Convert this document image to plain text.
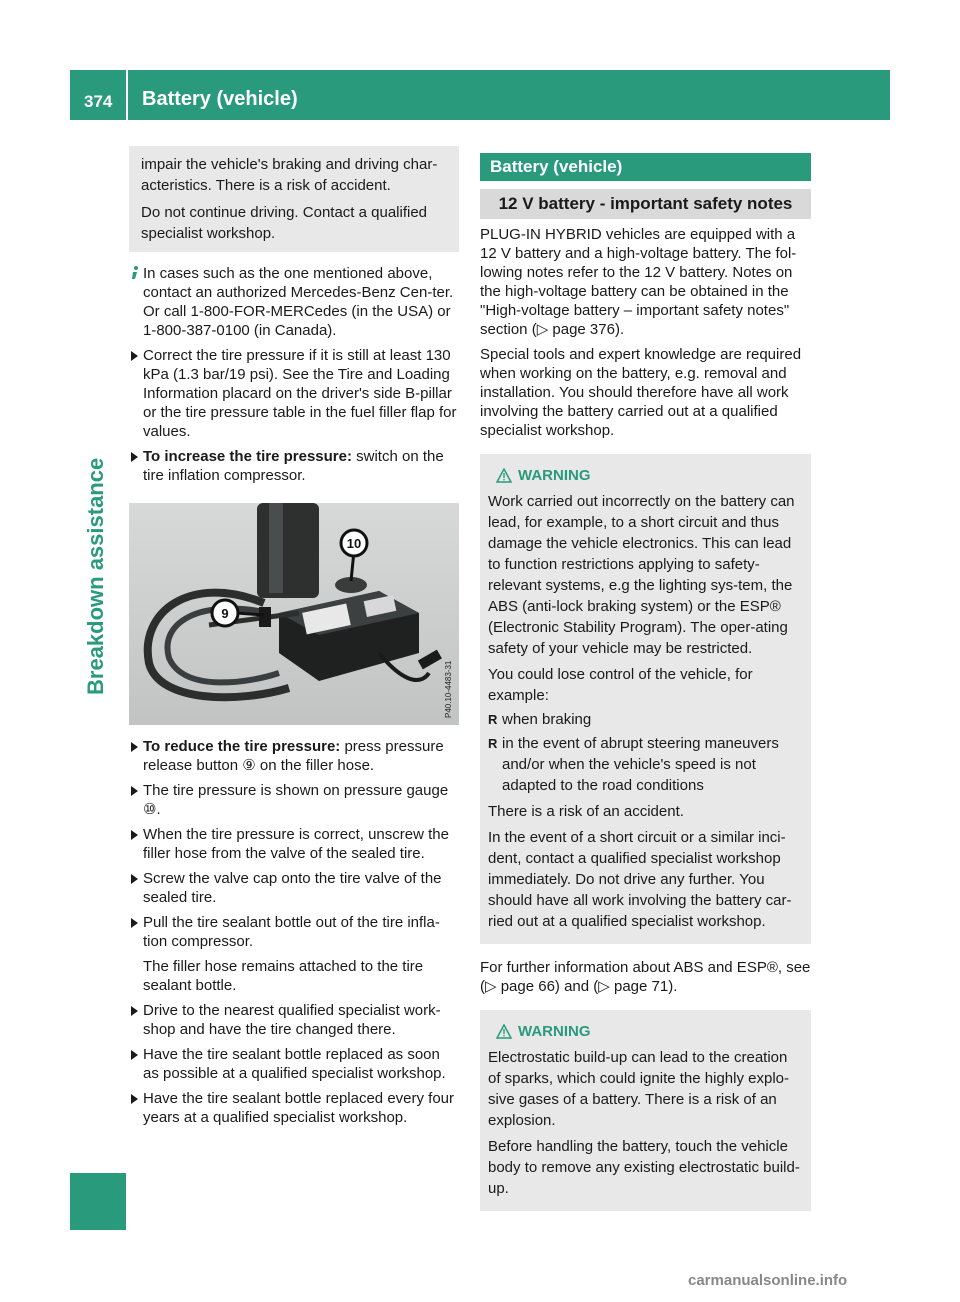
374 Battery (vehicle)
Breakdown assistance

impair the vehicle's braking and driving char-acteristics. There is a risk of accident.

Do not continue driving. Contact a qualified specialist workshop.

In cases such as the one mentioned above, contact an authorized Mercedes-Benz Cen-ter. Or call 1-800-FOR-MERCedes (in the USA) or 1-800-387-0100 (in Canada).
Correct the tire pressure if it is still at least 130 kPa (1.3 bar/19 psi). See the Tire and Loading Information placard on the driver's side B-pillar or the tire pressure table in the fuel filler flap for values.
To increase the tire pressure: switch on the tire inflation compressor.
10
9
P40.10-4483-31
To reduce the tire pressure: press pressure release button ⑨ on the filler hose.
The tire pressure is shown on pressure gauge ⑩.
When the tire pressure is correct, unscrew the filler hose from the valve of the sealed tire.
Screw the valve cap onto the tire valve of the sealed tire.
Pull the tire sealant bottle out of the tire infla-tion compressor.
The filler hose remains attached to the tire sealant bottle.
Drive to the nearest qualified specialist work-shop and have the tire changed there.
Have the tire sealant bottle replaced as soon as possible at a qualified specialist workshop.
Have the tire sealant bottle replaced every four years at a qualified specialist workshop.
Battery (vehicle)
12 V battery - important safety notes

PLUG-IN HYBRID vehicles are equipped with a 12 V battery and a high-voltage battery. The fol-lowing notes refer to the 12 V battery. Notes on the high-voltage battery can be obtained in the "High-voltage battery – important safety notes" section (▷ page 376).

Special tools and expert knowledge are required when working on the battery, e.g. removal and installation. You should therefore have all work involving the battery carried out at a qualified specialist workshop.

WARNING

Work carried out incorrectly on the battery can lead, for example, to a short circuit and thus damage the vehicle electronics. This can lead to function restrictions applying to safety-relevant systems, e.g the lighting sys-tem, the ABS (anti-lock braking system) or the ESP® (Electronic Stability Program). The oper-ating safety of your vehicle may be restricted.

You could lose control of the vehicle, for example:

R when braking
R in the event of abrupt steering maneuvers and/or when the vehicle's speed is not adapted to the road conditions

There is a risk of an accident.

In the event of a short circuit or a similar inci-dent, contact a qualified specialist workshop immediately. Do not drive any further. You should have all work involving the battery car-ried out at a qualified specialist workshop.

For further information about ABS and ESP®, see (▷ page 66) and (▷ page 71).

WARNING

Electrostatic build-up can lead to the creation of sparks, which could ignite the highly explo-sive gases of a battery. There is a risk of an explosion.

Before handling the battery, touch the vehicle body to remove any existing electrostatic build-up.

carmanualsonline.info
